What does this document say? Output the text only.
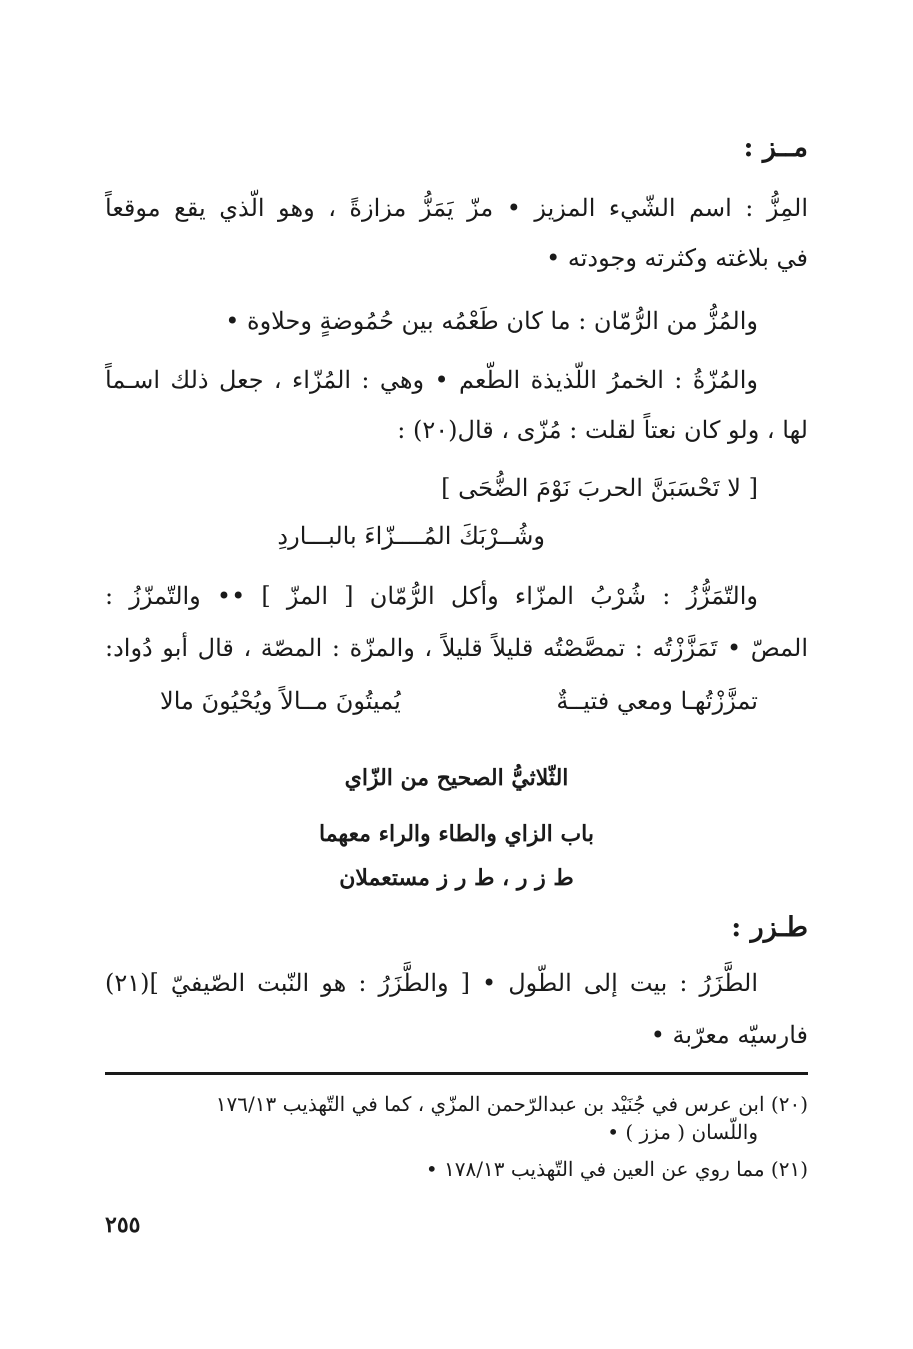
مــز :
المِزُّ : اسم الشّيء المزيز • مزّ يَمَزُّ مزازةً ، وهو الّذي يقع موقعاً
في بلاغته وكثرته وجودته •
والمُزُّ من الرُّمّان : ما كان طَعْمُه بين حُمُوضةٍ وحلاوة •
والمُزّةُ : الخمرُ اللّذيذة الطّعم • وهي : المُزّاء ، جعل ذلك اسـماً
لها ، ولو كان نعتاً لقلت : مُزّى ، قال(٢٠) :
[ لا تَحْسَبَنَّ الحربَ نَوْمَ الضُّحَى ]
وشُــرْبَكَ المُــــزّاءَ بالبـــاردِ
والتّمَزُّزُ : شُرْبُ المزّاء وأكل الرُّمّان [ المزّ ] •• والتّمزّزُ :
المصّ • تَمَزَّزْتُه : تمصَّصْتُه قليلاً قليلاً ، والمزّة : المصّة ، قال أبو دُواد:
تمزَّزْتُهـا ومعي فتيــةٌ
يُميتُونَ مــالاً ويُحْيُونَ مالا
الثّلاثيُّ الصحيح من الزّاي
باب الزاي والطاء والراء معهما
ط ز ر ، ط ر ز مستعملان
طـزر :
الطَّزَرُ : بيت إلى الطّول • [ والطَّزَرُ : هو النّبت الصّيفيّ ](٢١)
فارسيّه معرّبة •
(٢٠) ابن عرس في جُنَيْد بن عبدالرّحمن المزّي ، كما في التّهذيب ١٧٦/١٣
واللّسان ( مزز ) •
(٢١) مما روي عن العين في التّهذيب ١٧٨/١٣ •
٢٥٥
